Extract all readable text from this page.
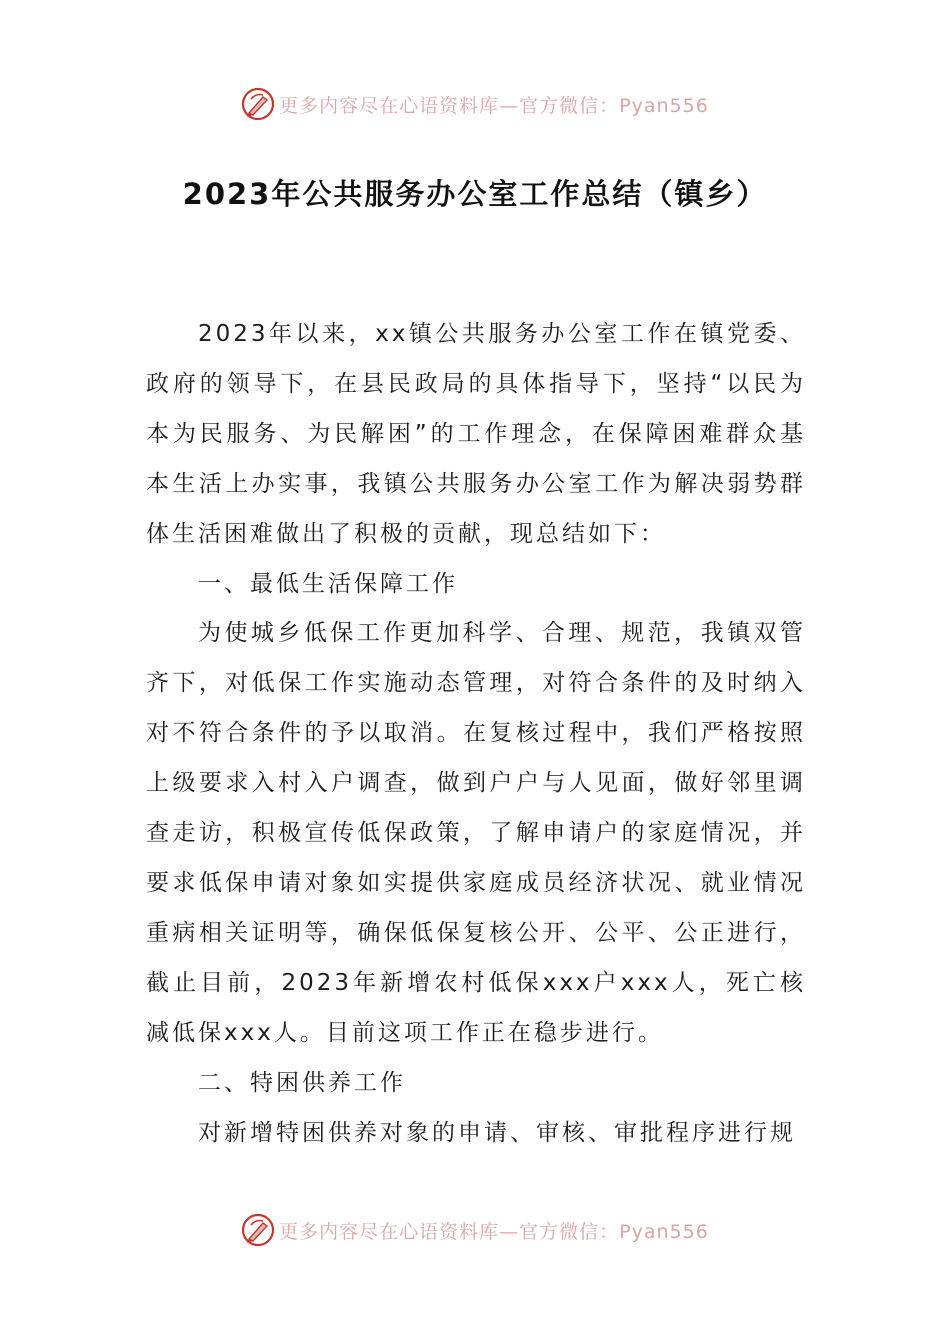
更多内容尽在心语资料库—官方微信：Pyan556
2023年公共服务办公室工作总结（镇乡）

2023年以来，xx镇公共服务办公室工作在镇党委、政府的领导下，在县民政局的具体指导下，坚持“以民为本为民服务、为民解困”的工作理念，在保障困难群众基本生活上办实事，我镇公共服务办公室工作为解决弱势群体生活困难做出了积极的贡献，现总结如下：

一、最低生活保障工作

为使城乡低保工作更加科学、合理、规范，我镇双管齐下，对低保工作实施动态管理，对符合条件的及时纳入对不符合条件的予以取消。在复核过程中，我们严格按照上级要求入村入户调查，做到户户与人见面，做好邻里调查走访，积极宣传低保政策，了解申请户的家庭情况，并要求低保申请对象如实提供家庭成员经济状况、就业情况重病相关证明等，确保低保复核公开、公平、公正进行，截止目前，2023年新增农村低保xxx户xxx人，死亡核减低保xxx人。目前这项工作正在稳步进行。

二、特困供养工作

对新增特困供养对象的申请、审核、审批程序进行规

更多内容尽在心语资料库—官方微信：Pyan556
